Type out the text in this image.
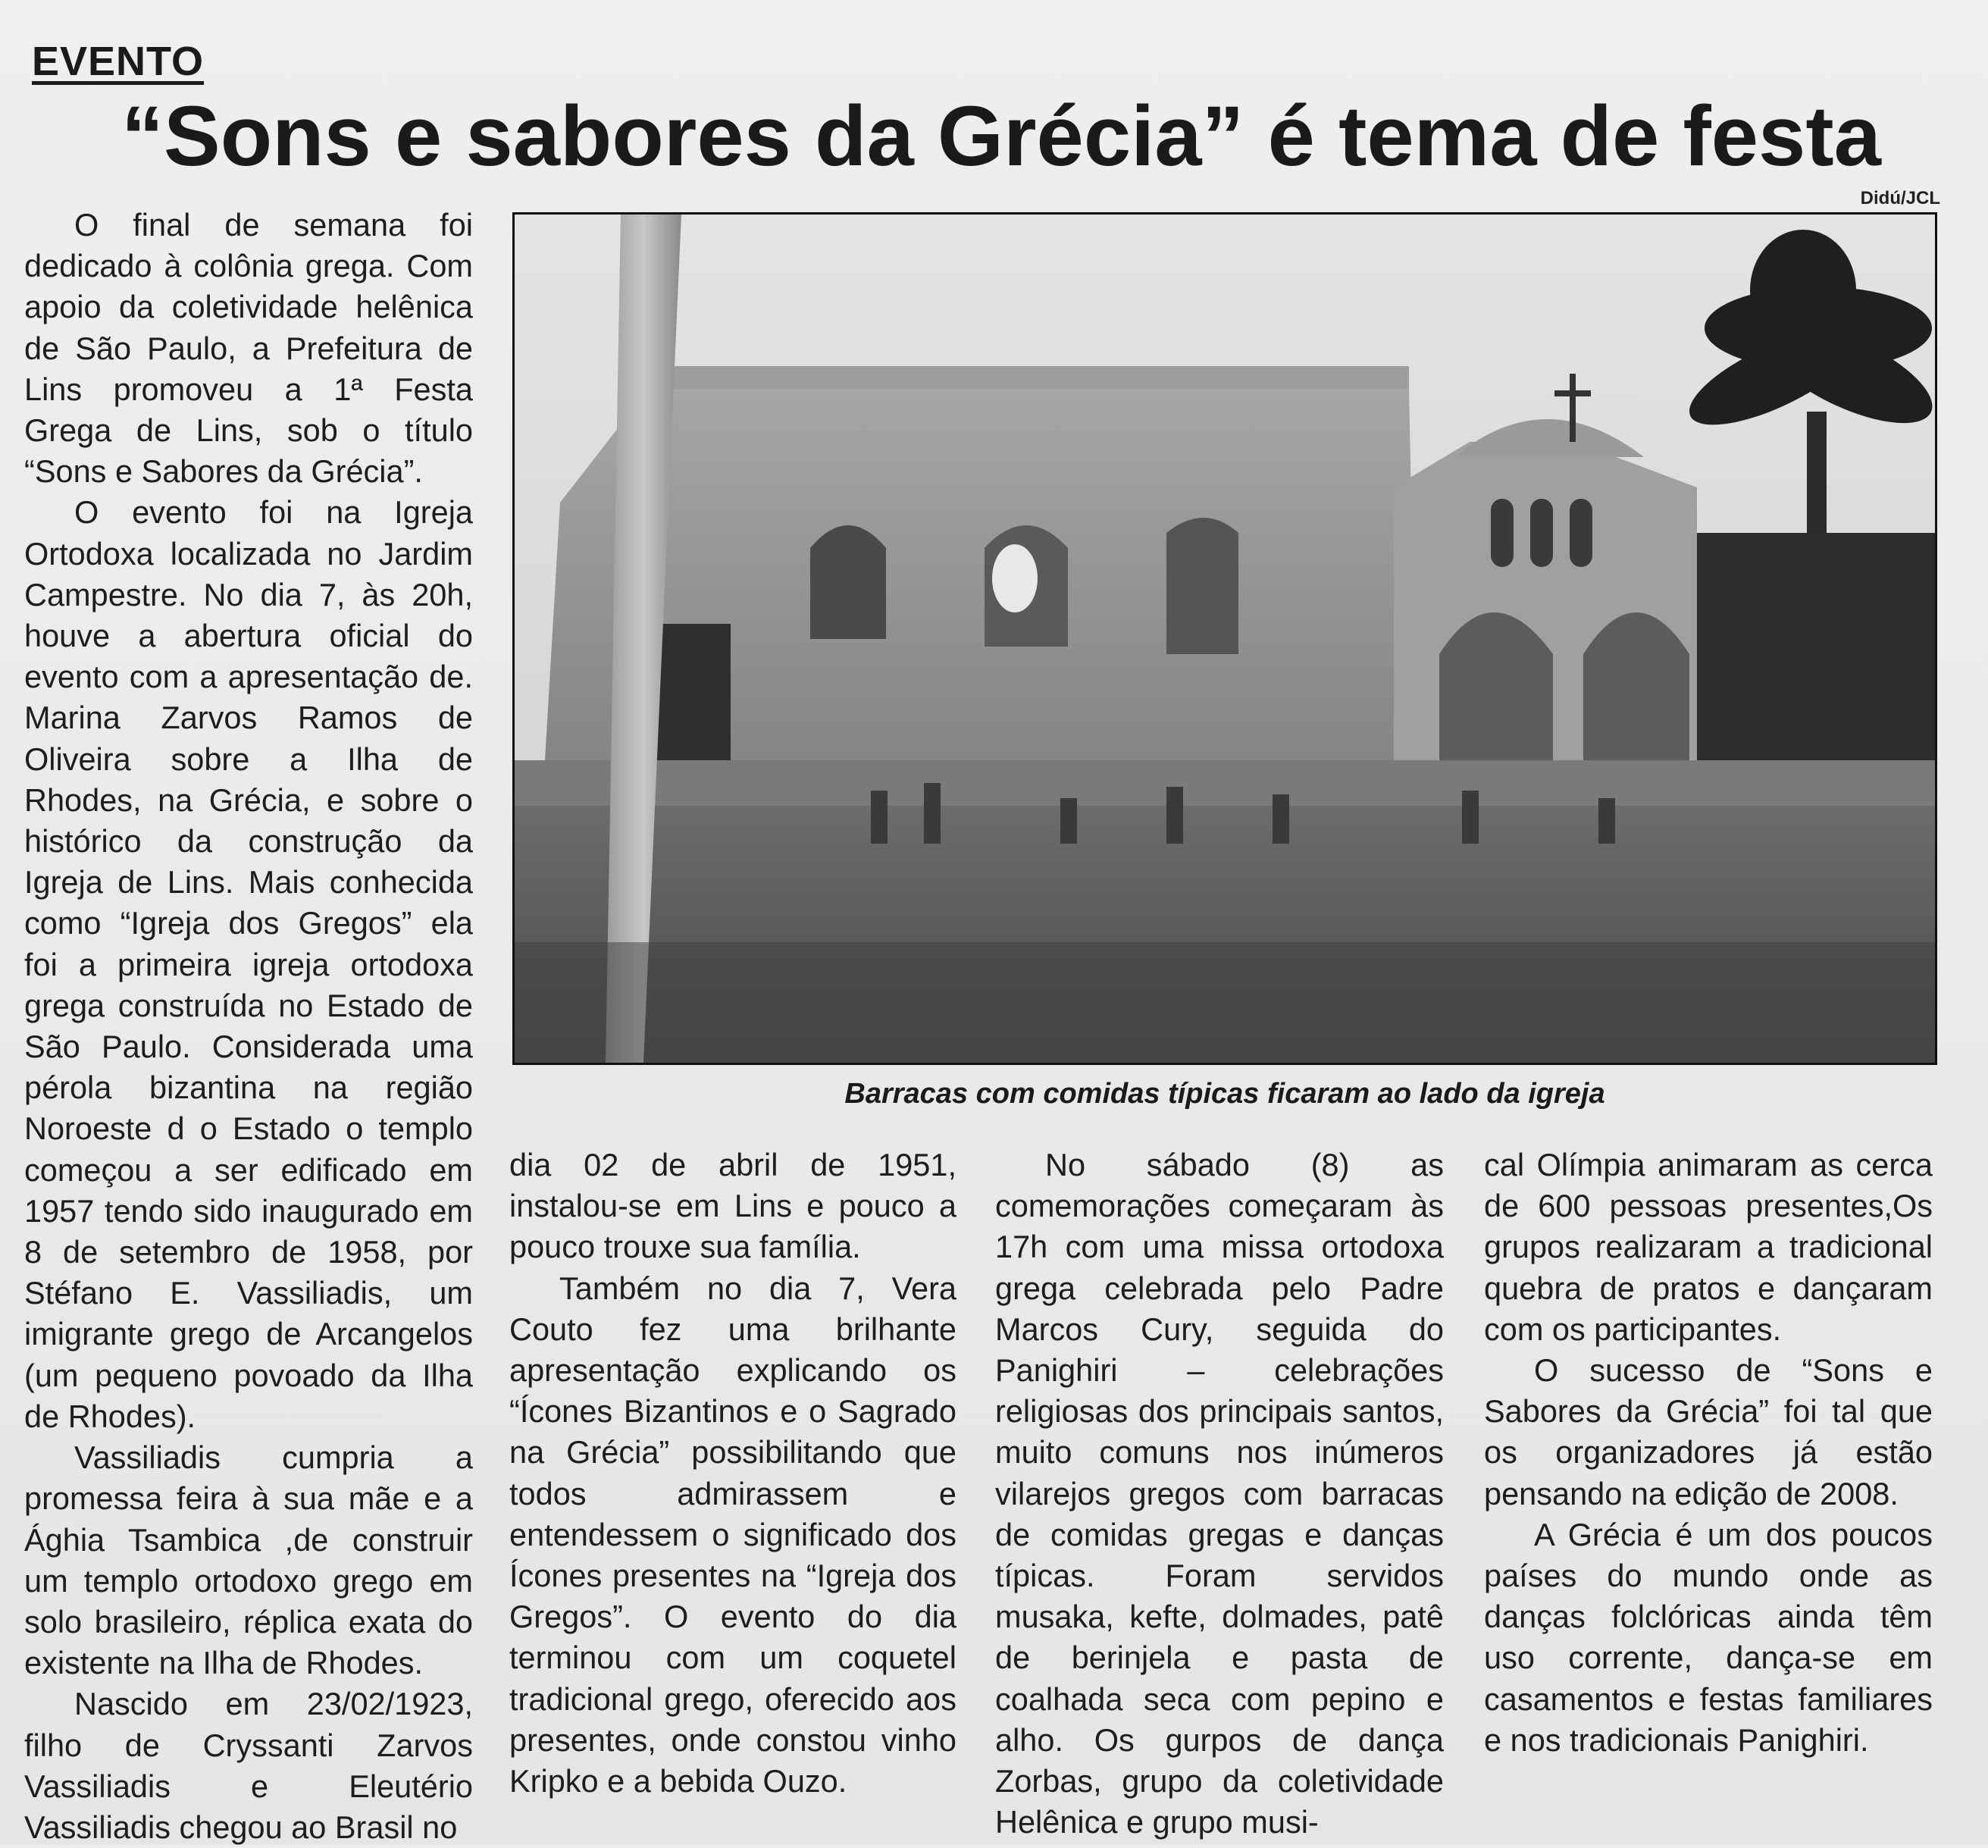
EVENTO
“Sons e sabores da Grécia” é tema de festa
Didú/JCL
Barracas com comidas típicas ficaram ao lado da igreja

O final de semana foi dedicado à colônia grega. Com apoio da coletividade helênica de São Paulo, a Prefeitura de Lins promoveu a 1ª Festa Grega de Lins, sob o título “Sons e Sabores da Grécia”.

O evento foi na Igreja Ortodoxa localizada no Jardim Campestre. No dia 7, às 20h, houve a abertura oficial do evento com a apresentação de. Marina Zarvos Ramos de Oliveira sobre a Ilha de Rhodes, na Grécia, e sobre o histórico da construção da Igreja de Lins. Mais conhecida como “Igreja dos Gregos” ela foi a primeira igreja ortodoxa grega construída no Estado de São Paulo. Considerada uma pérola bizantina na região Noroeste d o Estado o templo começou a ser edificado em 1957 tendo sido inaugurado em 8 de setembro de 1958, por Stéfano E. Vassiliadis, um imigrante grego de Arcangelos (um pequeno povoado da Ilha de Rhodes).

Vassiliadis cumpria a promessa feira à sua mãe e a Ághia Tsambica ,de construir um templo ortodoxo grego em solo brasileiro, réplica exata do existente na Ilha de Rhodes.

Nascido em 23/02/1923, filho de Cryssanti Zarvos Vassiliadis e Eleutério Vassiliadis chegou ao Brasil no

dia 02 de abril de 1951, instalou-se em Lins e pouco a pouco trouxe sua família.

Também no dia 7, Vera Couto fez uma brilhante apresentação explicando os “Ícones Bizantinos e o Sagrado na Grécia” possibilitando que todos admirassem e entendessem o significado dos Ícones presentes na “Igreja dos Gregos”. O evento do dia terminou com um coquetel tradicional grego, oferecido aos presentes, onde constou vinho Kripko e a bebida Ouzo.

No sábado (8) as comemorações começaram às 17h com uma missa ortodoxa grega celebrada pelo Padre Marcos Cury, seguida do Panighiri – celebrações religiosas dos principais santos, muito comuns nos inúmeros vilarejos gregos com barracas de comidas gregas e danças típicas. Foram servidos musaka, kefte, dolmades, patê de berinjela e pasta de coalhada seca com pepino e alho. Os gurpos de dança Zorbas, grupo da coletividade Helênica e grupo musi-

cal Olímpia animaram as cerca de 600 pessoas presentes,Os grupos realizaram a tradicional quebra de pratos e dançaram com os participantes.

O sucesso de “Sons e Sabores da Grécia” foi tal que os organizadores já estão pensando na edição de 2008.

A Grécia é um dos poucos países do mundo onde as danças folclóricas ainda têm uso corrente, dança-se em casamentos e festas familiares e nos tradicionais Panighiri.
